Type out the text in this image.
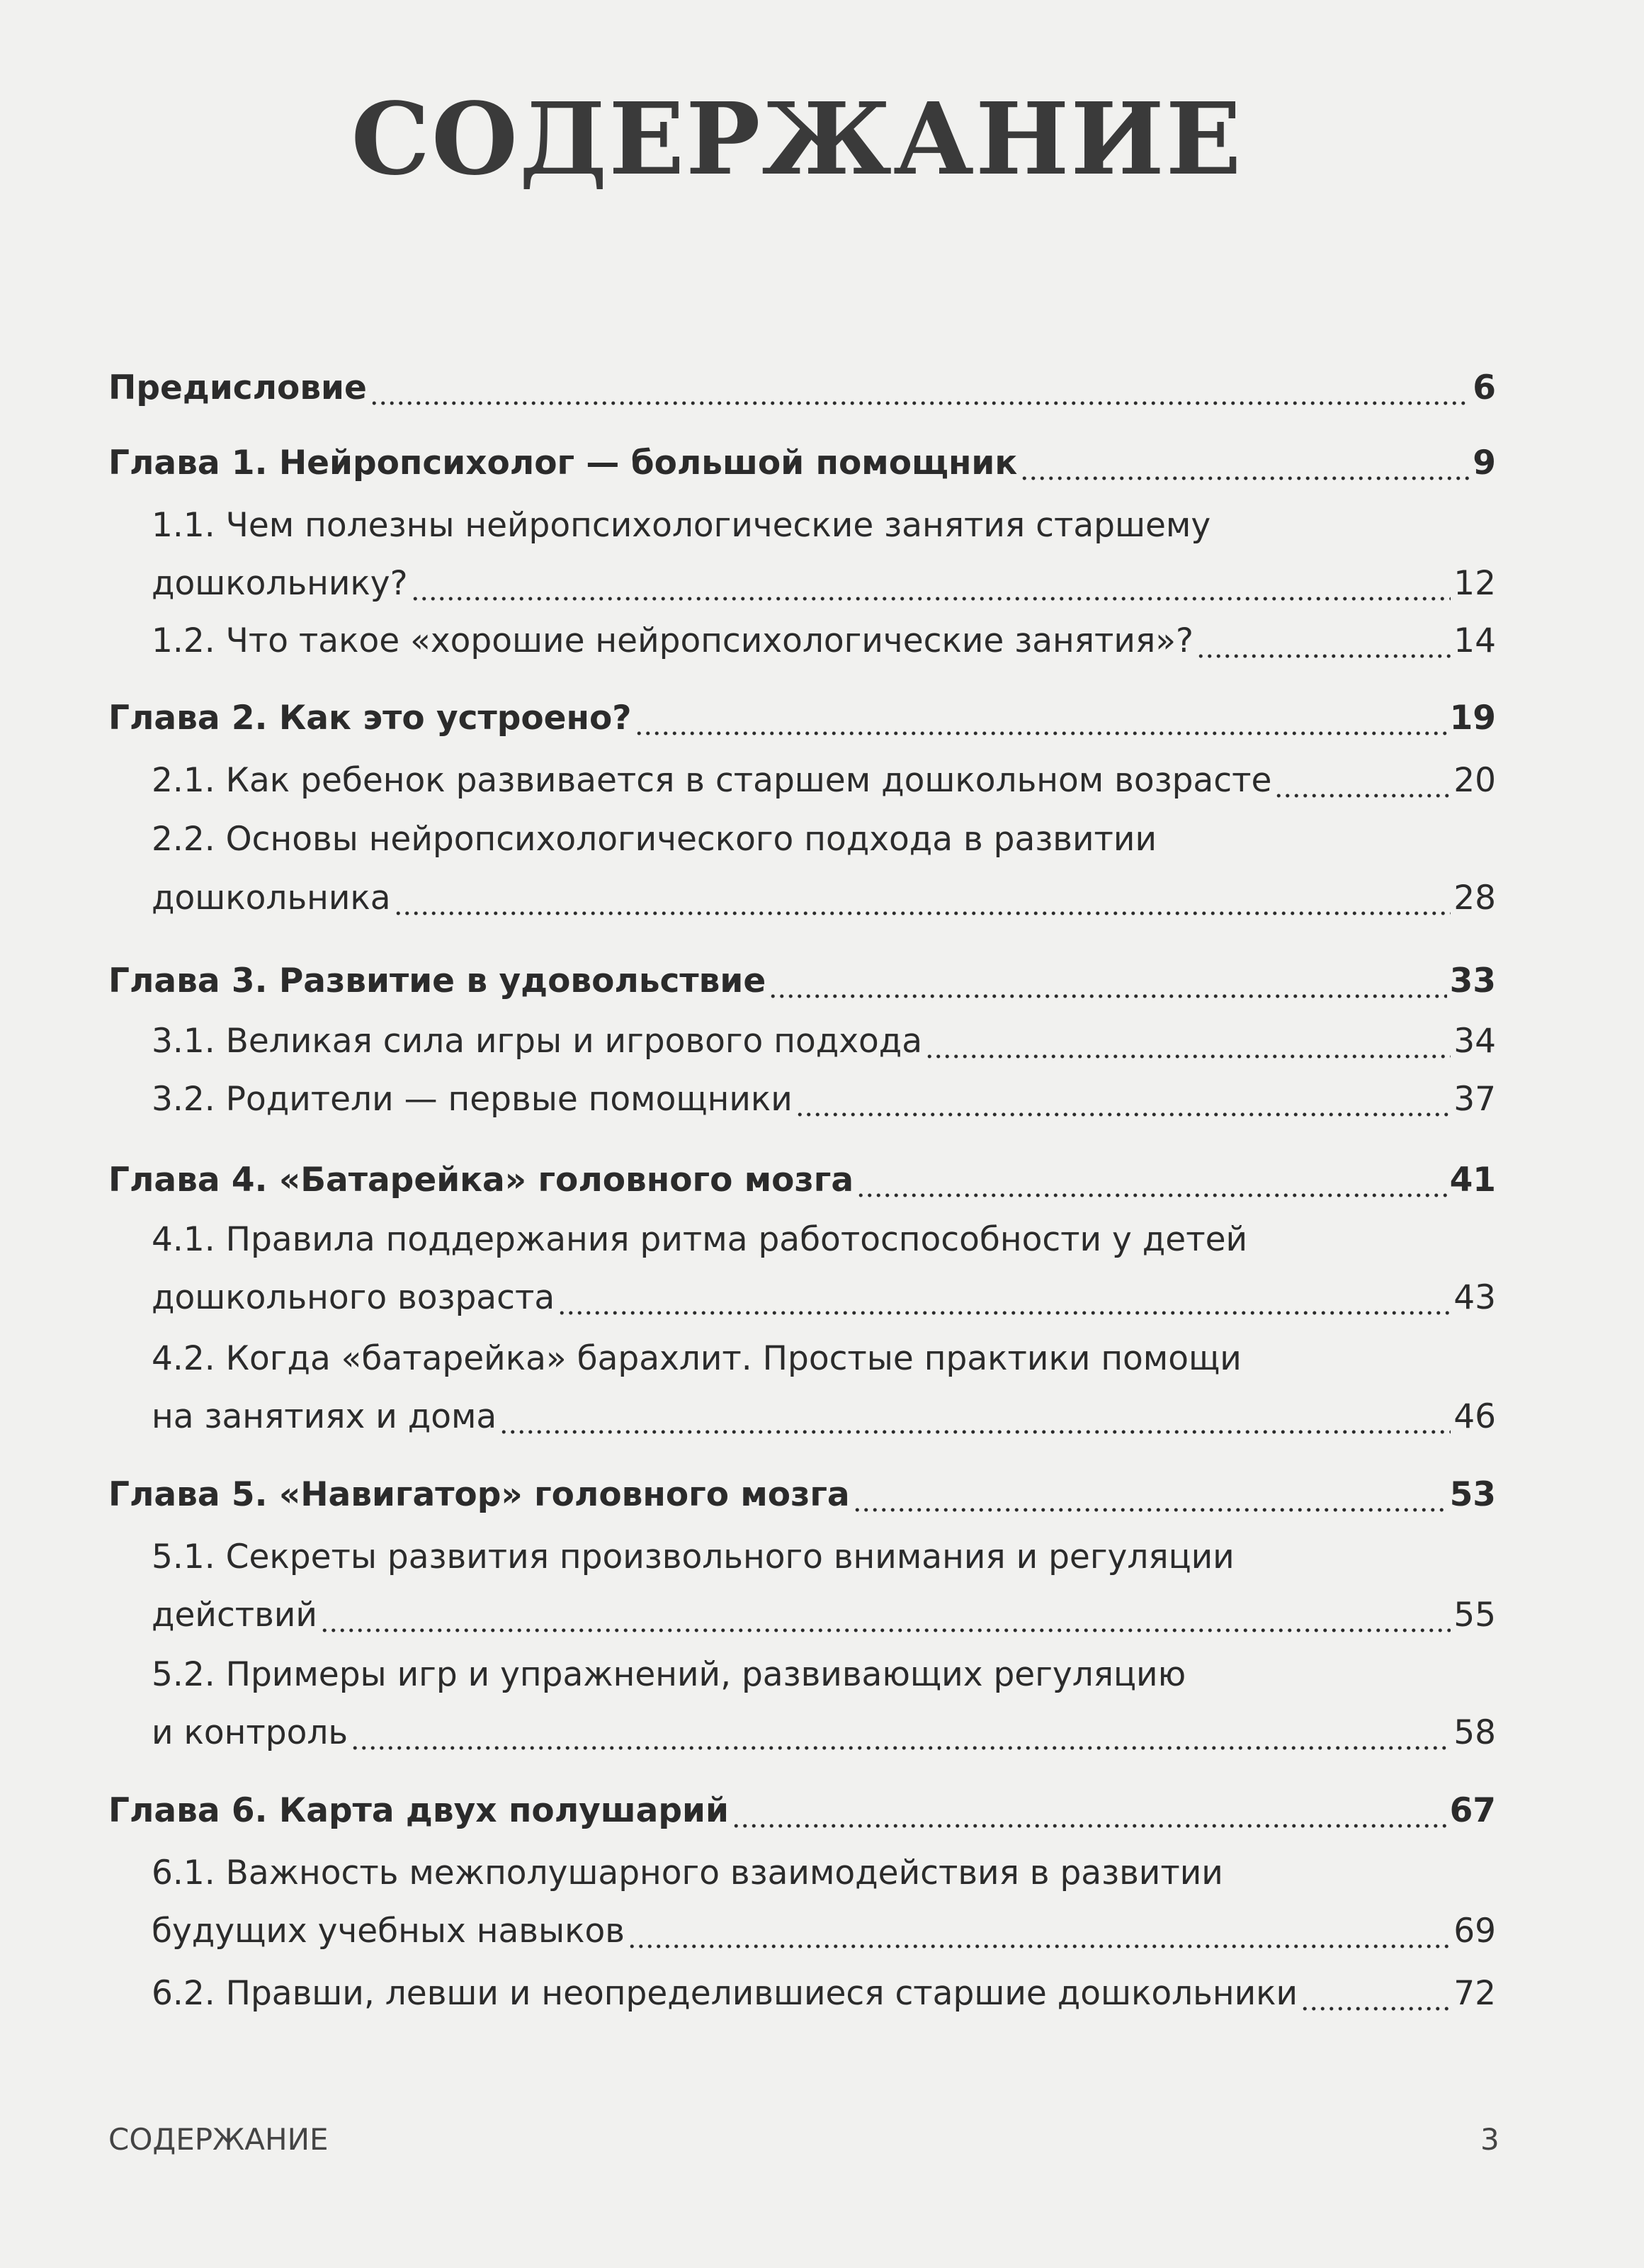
СОДЕРЖАНИЕ
Предисловие	6
Глава 1. Нейропсихолог — большой помощник	9
1.1. Чем полезны нейропсихологические занятия старшему
дошкольнику?	12
1.2. Что такое «хорошие нейропсихологические занятия»?	14
Глава 2. Как это устроено?	19
2.1. Как ребенок развивается в старшем дошкольном возрасте	20
2.2. Основы нейропсихологического подхода в развитии
дошкольника	28
Глава 3. Развитие в удовольствие	33
3.1. Великая сила игры и игрового подхода	34
3.2. Родители — первые помощники	37
Глава 4. «Батарейка» головного мозга	41
4.1. Правила поддержания ритма работоспособности у детей
дошкольного возраста	43
4.2. Когда «батарейка» барахлит. Простые практики помощи
на занятиях и дома	46
Глава 5. «Навигатор» головного мозга	53
5.1. Секреты развития произвольного внимания и регуляции
действий	55
5.2. Примеры игр и упражнений, развивающих регуляцию
и контроль	58
Глава 6. Карта двух полушарий	67
6.1. Важность межполушарного взаимодействия в развитии
будущих учебных навыков	69
6.2. Правши, левши и неопределившиеся старшие дошкольники	72
СОДЕРЖАНИЕ	3
